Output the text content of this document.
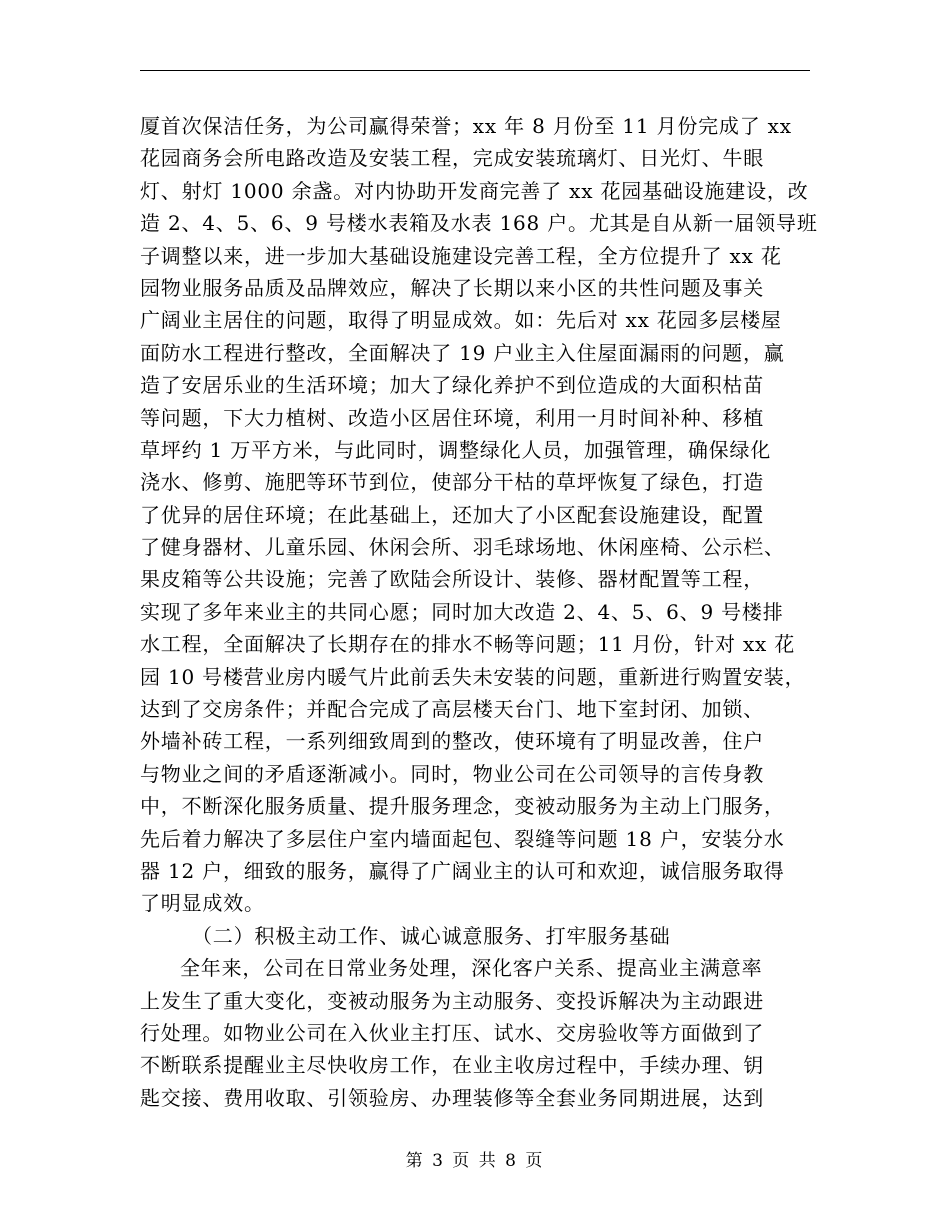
厦首次保洁任务，为公司赢得荣誉；xx 年 8 月份至 11 月份完成了 xx
花园商务会所电路改造及安装工程，完成安装琉璃灯、日光灯、牛眼
灯、射灯 1000 余盏。对内协助开发商完善了 xx 花园基础设施建设，改
造 2、4、5、6、9 号楼水表箱及水表 168 户。尤其是自从新一届领导班
子调整以来，进一步加大基础设施建设完善工程，全方位提升了 xx 花
园物业服务品质及品牌效应，解决了长期以来小区的共性问题及事关
广阔业主居住的问题，取得了明显成效。如：先后对 xx 花园多层楼屋
面防水工程进行整改，全面解决了 19 户业主入住屋面漏雨的问题，赢
造了安居乐业的生活环境；加大了绿化养护不到位造成的大面积枯苗
等问题，下大力植树、改造小区居住环境，利用一月时间补种、移植
草坪约 1 万平方米，与此同时，调整绿化人员，加强管理，确保绿化
浇水、修剪、施肥等环节到位，使部分干枯的草坪恢复了绿色，打造
了优异的居住环境；在此基础上，还加大了小区配套设施建设，配置
了健身器材、儿童乐园、休闲会所、羽毛球场地、休闲座椅、公示栏、
果皮箱等公共设施；完善了欧陆会所设计、装修、器材配置等工程，
实现了多年来业主的共同心愿；同时加大改造 2、4、5、6、9 号楼排
水工程，全面解决了长期存在的排水不畅等问题；11 月份，针对 xx 花
园 10 号楼营业房内暖气片此前丢失未安装的问题，重新进行购置安装，
达到了交房条件；并配合完成了高层楼天台门、地下室封闭、加锁、
外墙补砖工程，一系列细致周到的整改，使环境有了明显改善，住户
与物业之间的矛盾逐渐减小。同时，物业公司在公司领导的言传身教
中，不断深化服务质量、提升服务理念，变被动服务为主动上门服务，
先后着力解决了多层住户室内墙面起包、裂缝等问题 18 户，安装分水
器 12 户，细致的服务，赢得了广阔业主的认可和欢迎，诚信服务取得
了明显成效。
（二）积极主动工作、诚心诚意服务、打牢服务基础
全年来，公司在日常业务处理，深化客户关系、提高业主满意率
上发生了重大变化，变被动服务为主动服务、变投诉解决为主动跟进
行处理。如物业公司在入伙业主打压、试水、交房验收等方面做到了
不断联系提醒业主尽快收房工作，在业主收房过程中，手续办理、钥
匙交接、费用收取、引领验房、办理装修等全套业务同期进展，达到
第 3 页 共 8 页
